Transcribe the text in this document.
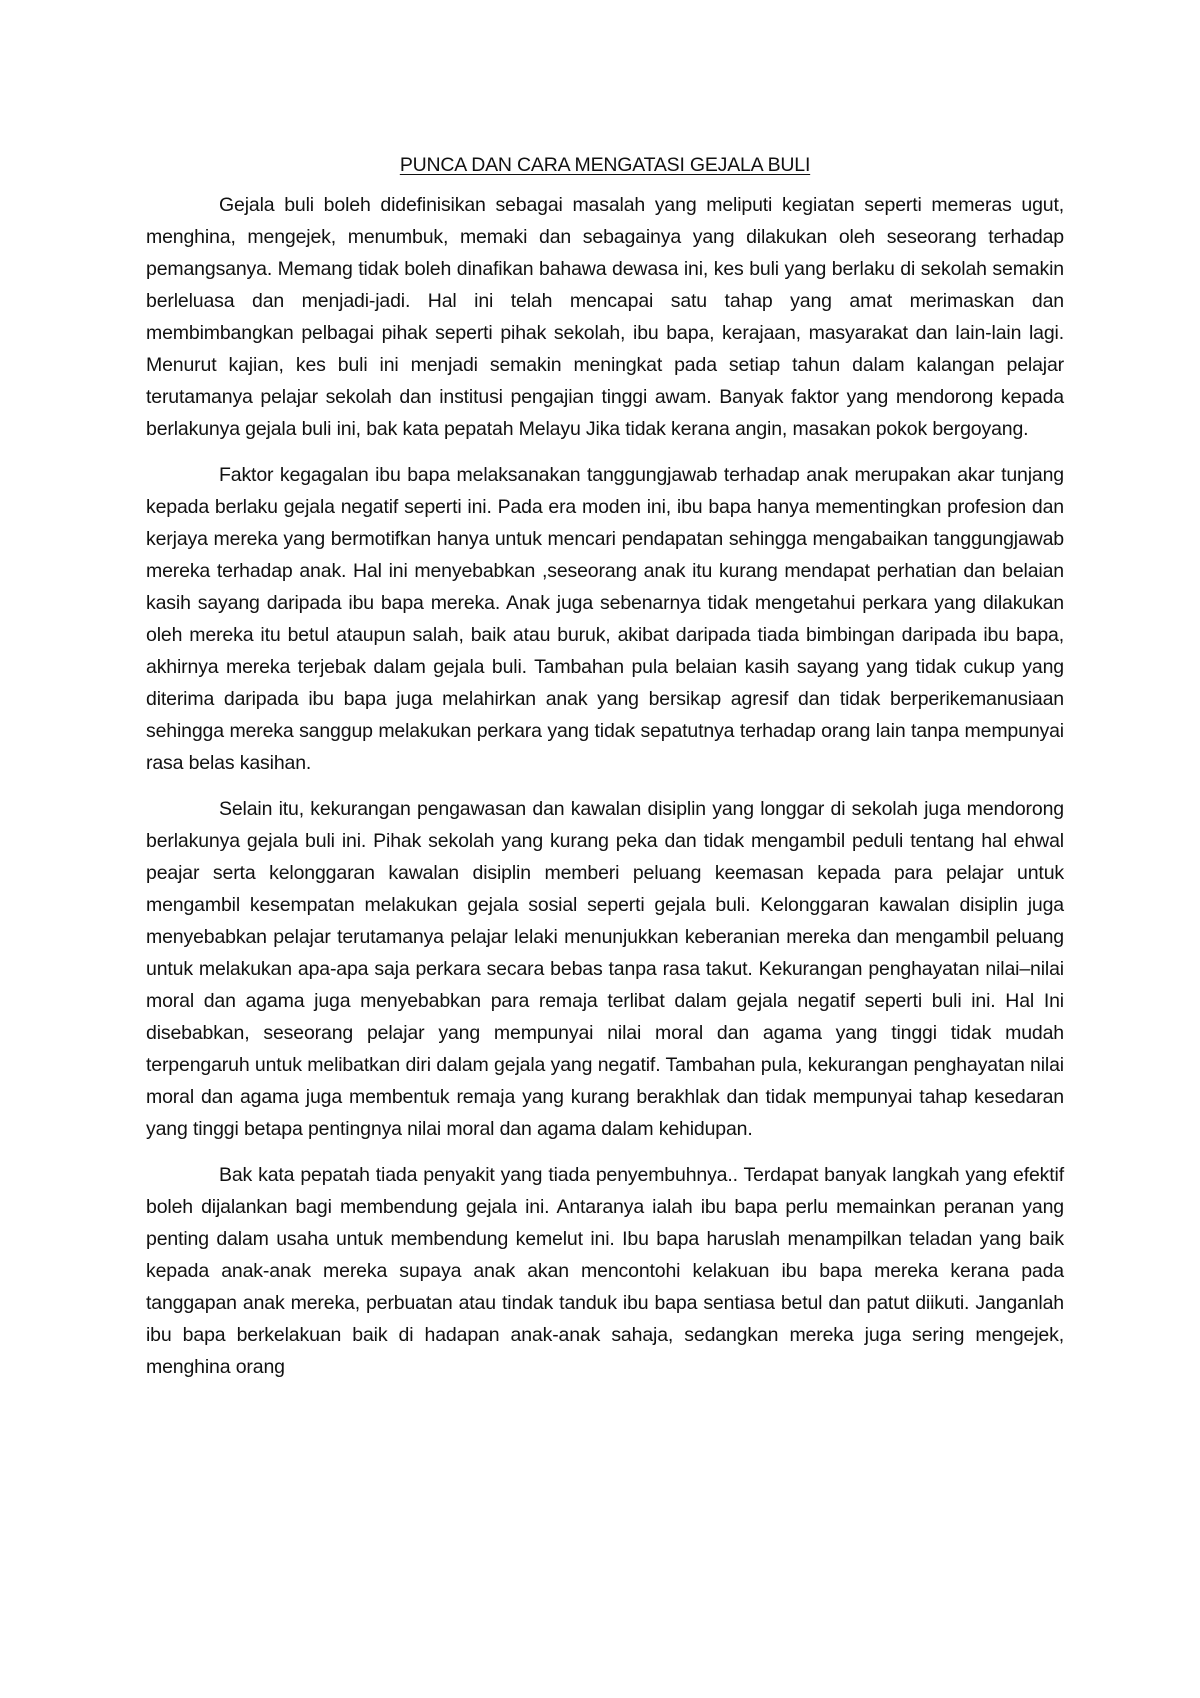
PUNCA DAN CARA MENGATASI GEJALA BULI

Gejala buli boleh didefinisikan sebagai masalah yang meliputi kegiatan seperti memeras ugut, menghina, mengejek, menumbuk, memaki dan sebagainya yang dilakukan oleh seseorang terhadap pemangsanya. Memang tidak boleh dinafikan bahawa dewasa ini, kes buli yang berlaku di sekolah semakin berleluasa dan menjadi-jadi. Hal ini telah mencapai satu tahap yang amat merimaskan dan membimbangkan pelbagai pihak seperti pihak sekolah, ibu bapa, kerajaan, masyarakat dan lain-lain lagi. Menurut kajian, kes buli ini menjadi semakin meningkat pada setiap tahun dalam kalangan pelajar terutamanya pelajar sekolah dan institusi pengajian tinggi awam. Banyak faktor yang mendorong kepada berlakunya gejala buli ini, bak kata pepatah Melayu Jika tidak kerana angin, masakan pokok bergoyang.

Faktor kegagalan ibu bapa melaksanakan tanggungjawab terhadap anak merupakan akar tunjang kepada berlaku gejala negatif seperti ini. Pada era moden ini, ibu bapa hanya mementingkan profesion dan kerjaya mereka yang bermotifkan hanya untuk mencari pendapatan sehingga mengabaikan tanggungjawab mereka terhadap anak. Hal ini menyebabkan ,seseorang anak itu kurang mendapat perhatian dan belaian kasih sayang daripada ibu bapa mereka. Anak juga sebenarnya tidak mengetahui perkara yang dilakukan oleh mereka itu betul ataupun salah, baik atau buruk, akibat daripada tiada bimbingan daripada ibu bapa, akhirnya mereka terjebak dalam gejala buli. Tambahan pula belaian kasih sayang yang tidak cukup yang diterima daripada ibu bapa juga melahirkan anak yang bersikap agresif dan tidak berperikemanusiaan sehingga mereka sanggup melakukan perkara yang tidak sepatutnya terhadap orang lain tanpa mempunyai rasa belas kasihan.

Selain itu, kekurangan pengawasan dan kawalan disiplin yang longgar di sekolah juga mendorong berlakunya gejala buli ini. Pihak sekolah yang kurang peka dan tidak mengambil peduli tentang hal ehwal peajar serta kelonggaran kawalan disiplin memberi peluang keemasan kepada para pelajar untuk mengambil kesempatan melakukan gejala sosial seperti gejala buli. Kelonggaran kawalan disiplin juga menyebabkan pelajar terutamanya pelajar lelaki menunjukkan keberanian mereka dan mengambil peluang untuk melakukan apa-apa saja perkara secara bebas tanpa rasa takut. Kekurangan penghayatan nilai–nilai moral dan agama juga menyebabkan para remaja terlibat dalam gejala negatif seperti buli ini. Hal Ini disebabkan, seseorang pelajar yang mempunyai nilai moral dan agama yang tinggi tidak mudah terpengaruh untuk melibatkan diri dalam gejala yang negatif. Tambahan pula, kekurangan penghayatan nilai moral dan agama juga membentuk remaja yang kurang berakhlak dan tidak mempunyai tahap kesedaran yang tinggi betapa pentingnya nilai moral dan agama dalam kehidupan.

Bak kata pepatah tiada penyakit yang tiada penyembuhnya.. Terdapat banyak langkah yang efektif boleh dijalankan bagi membendung gejala ini. Antaranya ialah ibu bapa perlu memainkan peranan yang penting dalam usaha untuk membendung kemelut ini. Ibu bapa haruslah menampilkan teladan yang baik kepada anak-anak mereka supaya anak akan mencontohi kelakuan ibu bapa mereka kerana pada tanggapan anak mereka, perbuatan atau tindak tanduk ibu bapa sentiasa betul dan patut diikuti. Janganlah ibu bapa berkelakuan baik di hadapan anak-anak sahaja, sedangkan mereka juga sering mengejek, menghina orang
